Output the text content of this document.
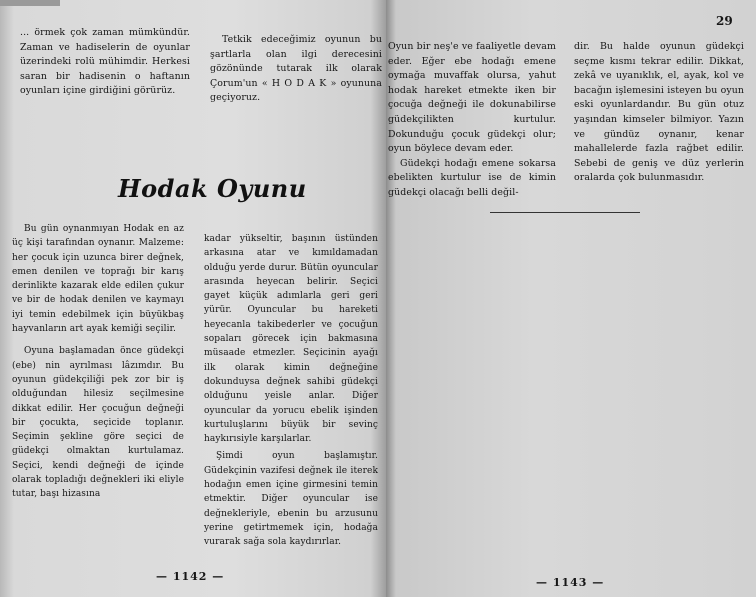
... örmek çok zaman mümkündür. Zaman ve hadiselerin de oyunlar üzerindeki rolü mühimdir. Herkesi saran bir hadisenin o haftanın oyunları içine girdiğini görürüz.

Tetkik edeceğimiz oyunun bu şartlarla olan ilgi derecesini gözönünde tutarak ilk olarak Çorum'un « H O D A K » oyununa geçiyoruz.

Hodak Oyunu

Bu gün oynanmıyan Hodak en az üç kişi tarafından oynanır. Malzeme: her çocuk için uzunca birer değnek, emen denilen ve toprağı bir karış derinlikte kazarak elde edilen çukur ve bir de hodak denilen ve kaymayı iyi temin edebilmek için büyükbaş hayvanların art ayak kemiği seçilir.

Oyuna başlamadan önce güdekçi (ebe) nin ayrılması lâzımdır. Bu oyunun güdekçiliği pek zor bir iş olduğundan hilesiz seçilmesine dikkat edilir. Her çocuğun değneği bir çocukta, seçicide toplanır. Seçimin şekline göre seçici de güdekçi olmaktan kurtulamaz. Seçici, kendi değneği de içinde olarak topladığı değnekleri iki eliyle tutar, başı hizasına

kadar yükseltir, başının üstünden arkasına atar ve kımıldamadan olduğu yerde durur. Bütün oyuncular arasında heyecan belirir. Seçici gayet küçük adımlarla geri geri yürür. Oyuncular bu hareketi heyecanla takibederler ve çocuğun sopaları görecek için bakmasına müsaade etmezler. Seçicinin ayağı ilk olarak kimin değneğine dokunduysa değnek sahibi güdekçi olduğunu yeisle anlar. Diğer oyuncular da yorucu ebelik işinden kurtuluşlarını büyük bir sevinç haykırısiyle karşılarlar.

Şimdi oyun başlamıştır. Güdekçinin vazifesi değnek ile iterek hodağın emen içine girmesini temin etmektir. Diğer oyuncular ise değnekleriyle, ebenin bu arzusunu yerine getirtmemek için, hodağa vurarak sağa sola kaydırırlar.

— 1142 —
29

Oyun bir neş'e ve faaliyetle devam eder. Eğer ebe hodağı emene oymağa muvaffak olursa, yahut hodak hareket etmekte iken bir çocuğa değneği ile dokunabilirse güdekçilikten kurtulur. Dokunduğu çocuk güdekçi olur; oyun böylece devam eder.

Güdekçi hodağı emene sokarsa ebelikten kurtulur ise de kimin güdekçi olacağı belli değil-

dir. Bu halde oyunun güdekçi seçme kısmı tekrar edilir. Dikkat, zekâ ve uyanıklık, el, ayak, kol ve bacağın işlemesini isteyen bu oyun eski oyunlardandır. Bu gün otuz yaşından kimseler bilmiyor. Yazın ve gündüz oynanır, kenar mahallelerde fazla rağbet edilir. Sebebi de geniş ve düz yerlerin oralarda çok bulunmasıdır.

— 1143 —
